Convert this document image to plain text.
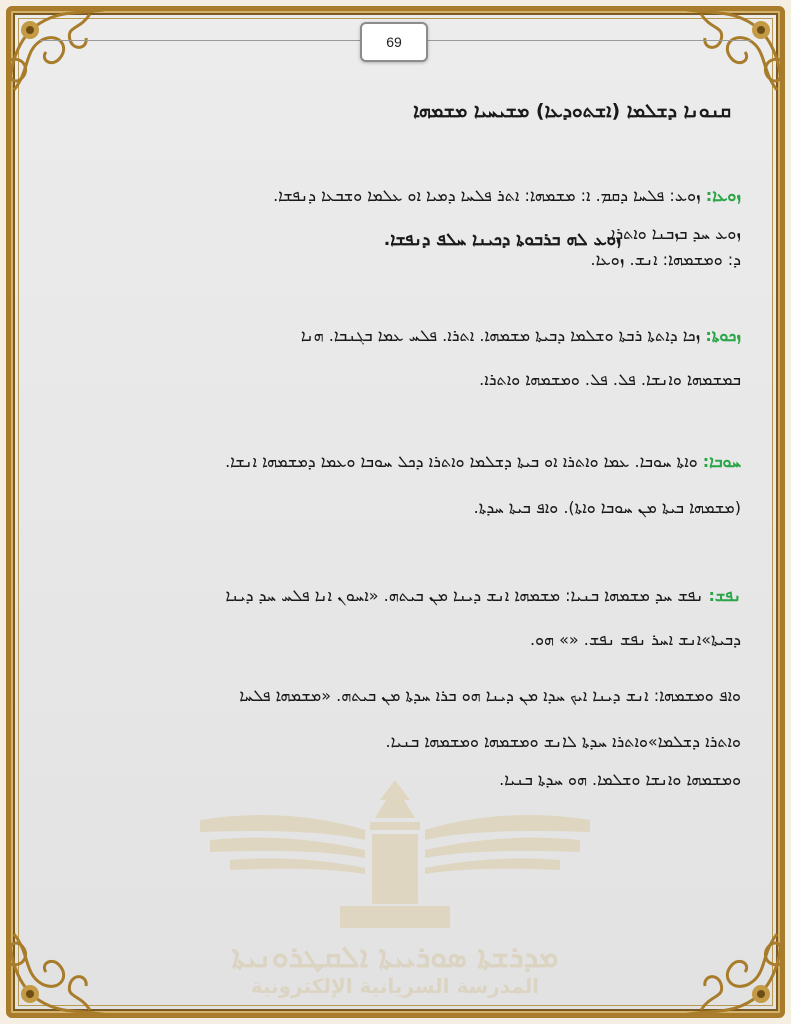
69
ܡܕܪܫܬܐ ܣܘܪܝܝܬܐ ܐܠܩܛܪܘܢܝܬܐ
المدرسة السريانية الإلكترونية
ܩܢܘܢܐ ܕܫܠܡܐ (ܐܫܬܘܕܥܐ) ܡܫܝܚܝܐ ܡܫܡܗܐ
ܙܘܥܐ: ܙܘܥ: ܦܠܚܐ ܕܩܡ. ܐ: ܡܫܡܗܐ: ܐܬܪ ܦܠܚܐ ܕܡܝܐ ܐܘ ܥܠܡܐ ܘܫܒܥܐ ܕܢܦܫܐ.
ܙܘܥ ܚܕ ܒܙܒܢܐ ܘܐܬܪܐ.
ܙܘܥ ܠܗ ܒܪܒܘܬܐ ܕܟܝܢܐ ܚܠܦ ܕܢܦܫܐ.
ܕ: ܘܡܫܡܗܐ: ܐܢܫ. ܙܘܥܐ.
ܙܟܘܬܐ: ܙܟܐ ܕܐܬܬܐ ܪܒܬܐ ܘܫܠܡܐ ܕܒܝܬܐ ܡܫܡܗܐ. ܐܬܪܐ. ܦܠܚ ܥܡܐ ܒܓܢܒܐ. ܗܢܐ
ܒܡܫܡܗܐ ܘܐܢܫܐ. ܦܠ. ܦܠ. ܘܡܫܡܗܐ ܘܐܬܪܐ.
ܚܘܒܐ: ܘܐܬܐ ܚܘܒܐ. ܥܡܐ ܘܐܬܪܐ ܐܘ ܒܝܬܐ ܕܫܠܡܐ ܘܐܬܪܐ ܕܟܠ ܚܘܒܐ ܘܥܡܐ ܕܡܫܡܗܐ ܐܢܫܐ.
(ܡܫܡܗܐ ܒܝܬܐ ܡܢ ܚܘܒܐ ܘܐܬܐ). ܘܐܦ ܒܝܬܐ ܚܕܬܐ.
ܢܦܫ: ܢܦܫ ܚܕ ܡܫܡܗܐ ܒܢܝܐ: ܡܫܡܗܐ ܐܢܫ ܕܝܢܐ ܡܢ ܒܝܬܗ. «ܐܚܘܢ ܐܢܐ ܦܠܚ ܚܕ ܕܝܢܐ
ܕܒܝܬܐ»ܐܢܫ ܐܚܪ ܢܦܫ ܢܦܫ. «» ܗܘ.
ܘܐܦ ܘܡܫܡܗܐ: ܐܢܫ ܕܝܢܐ ܐܝܟ ܚܕܐ ܡܢ ܕܝܢܐ ܗܘ ܒܪܐ ܚܕܬܐ ܡܢ ܒܝܬܗ. «ܡܫܡܗܐ ܦܠܚܐ
ܘܐܬܪܐ ܕܫܠܡܐ»ܘܐܬܪܐ ܚܕܬܐ ܠܐܢܫ ܘܡܫܡܗܐ ܘܡܫܡܗܐ ܒܢܝܐ.
ܘܡܫܡܗܐ ܘܐܢܫܐ ܘܫܠܡܐ. ܗܘ ܚܕܬܐ ܒܢܝܐ.
